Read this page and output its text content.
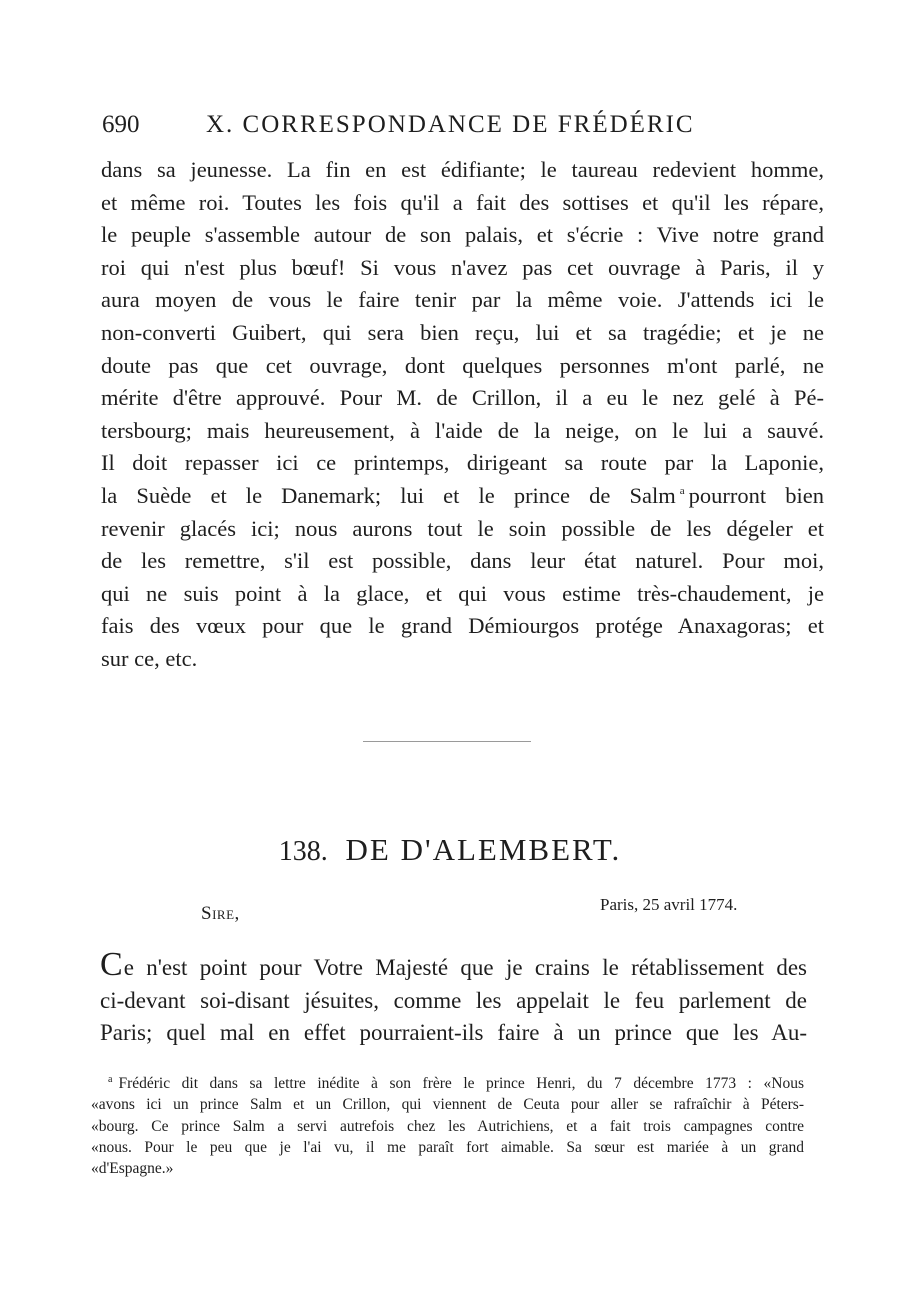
690	X. CORRESPONDANCE DE FRÉDÉRIC
dans sa jeunesse. La fin en est édifiante; le taureau redevient homme,
et même roi. Toutes les fois qu'il a fait des sottises et qu'il les répare,
le peuple s'assemble autour de son palais, et s'écrie : Vive notre grand
roi qui n'est plus bœuf! Si vous n'avez pas cet ouvrage à Paris, il y
aura moyen de vous le faire tenir par la même voie. J'attends ici le
non-converti Guibert, qui sera bien reçu, lui et sa tragédie; et je ne
doute pas que cet ouvrage, dont quelques personnes m'ont parlé, ne
mérite d'être approuvé. Pour M. de Crillon, il a eu le nez gelé à Pé-
tersbourg; mais heureusement, à l'aide de la neige, on le lui a sauvé.
Il doit repasser ici ce printemps, dirigeant sa route par la Laponie,
la Suède et le Danemark; lui et le prince de Salm $^a$ pourront bien
revenir glacés ici; nous aurons tout le soin possible de les dégeler et
de les remettre, s'il est possible, dans leur état naturel. Pour moi,
qui ne suis point à la glace, et qui vous estime très-chaudement, je
fais des vœux pour que le grand Démiourgos protége Anaxagoras; et
sur ce, etc.
138. DE D'ALEMBERT.
Paris, 25 avril 1774.
Sire,
Ce n'est point pour Votre Majesté que je crains le rétablissement des
ci-devant soi-disant jésuites, comme les appelait le feu parlement de
Paris; quel mal en effet pourraient-ils faire à un prince que les Au-
$^a$ Frédéric dit dans sa lettre inédite à son frère le prince Henri, du 7 décembre 1773 : «Nous
«avons ici un prince Salm et un Crillon, qui viennent de Ceuta pour aller se rafraîchir à Péters-
«bourg. Ce prince Salm a servi autrefois chez les Autrichiens, et a fait trois campagnes contre
«nous. Pour le peu que je l'ai vu, il me paraît fort aimable. Sa sœur est mariée à un grand
«d'Espagne.»
